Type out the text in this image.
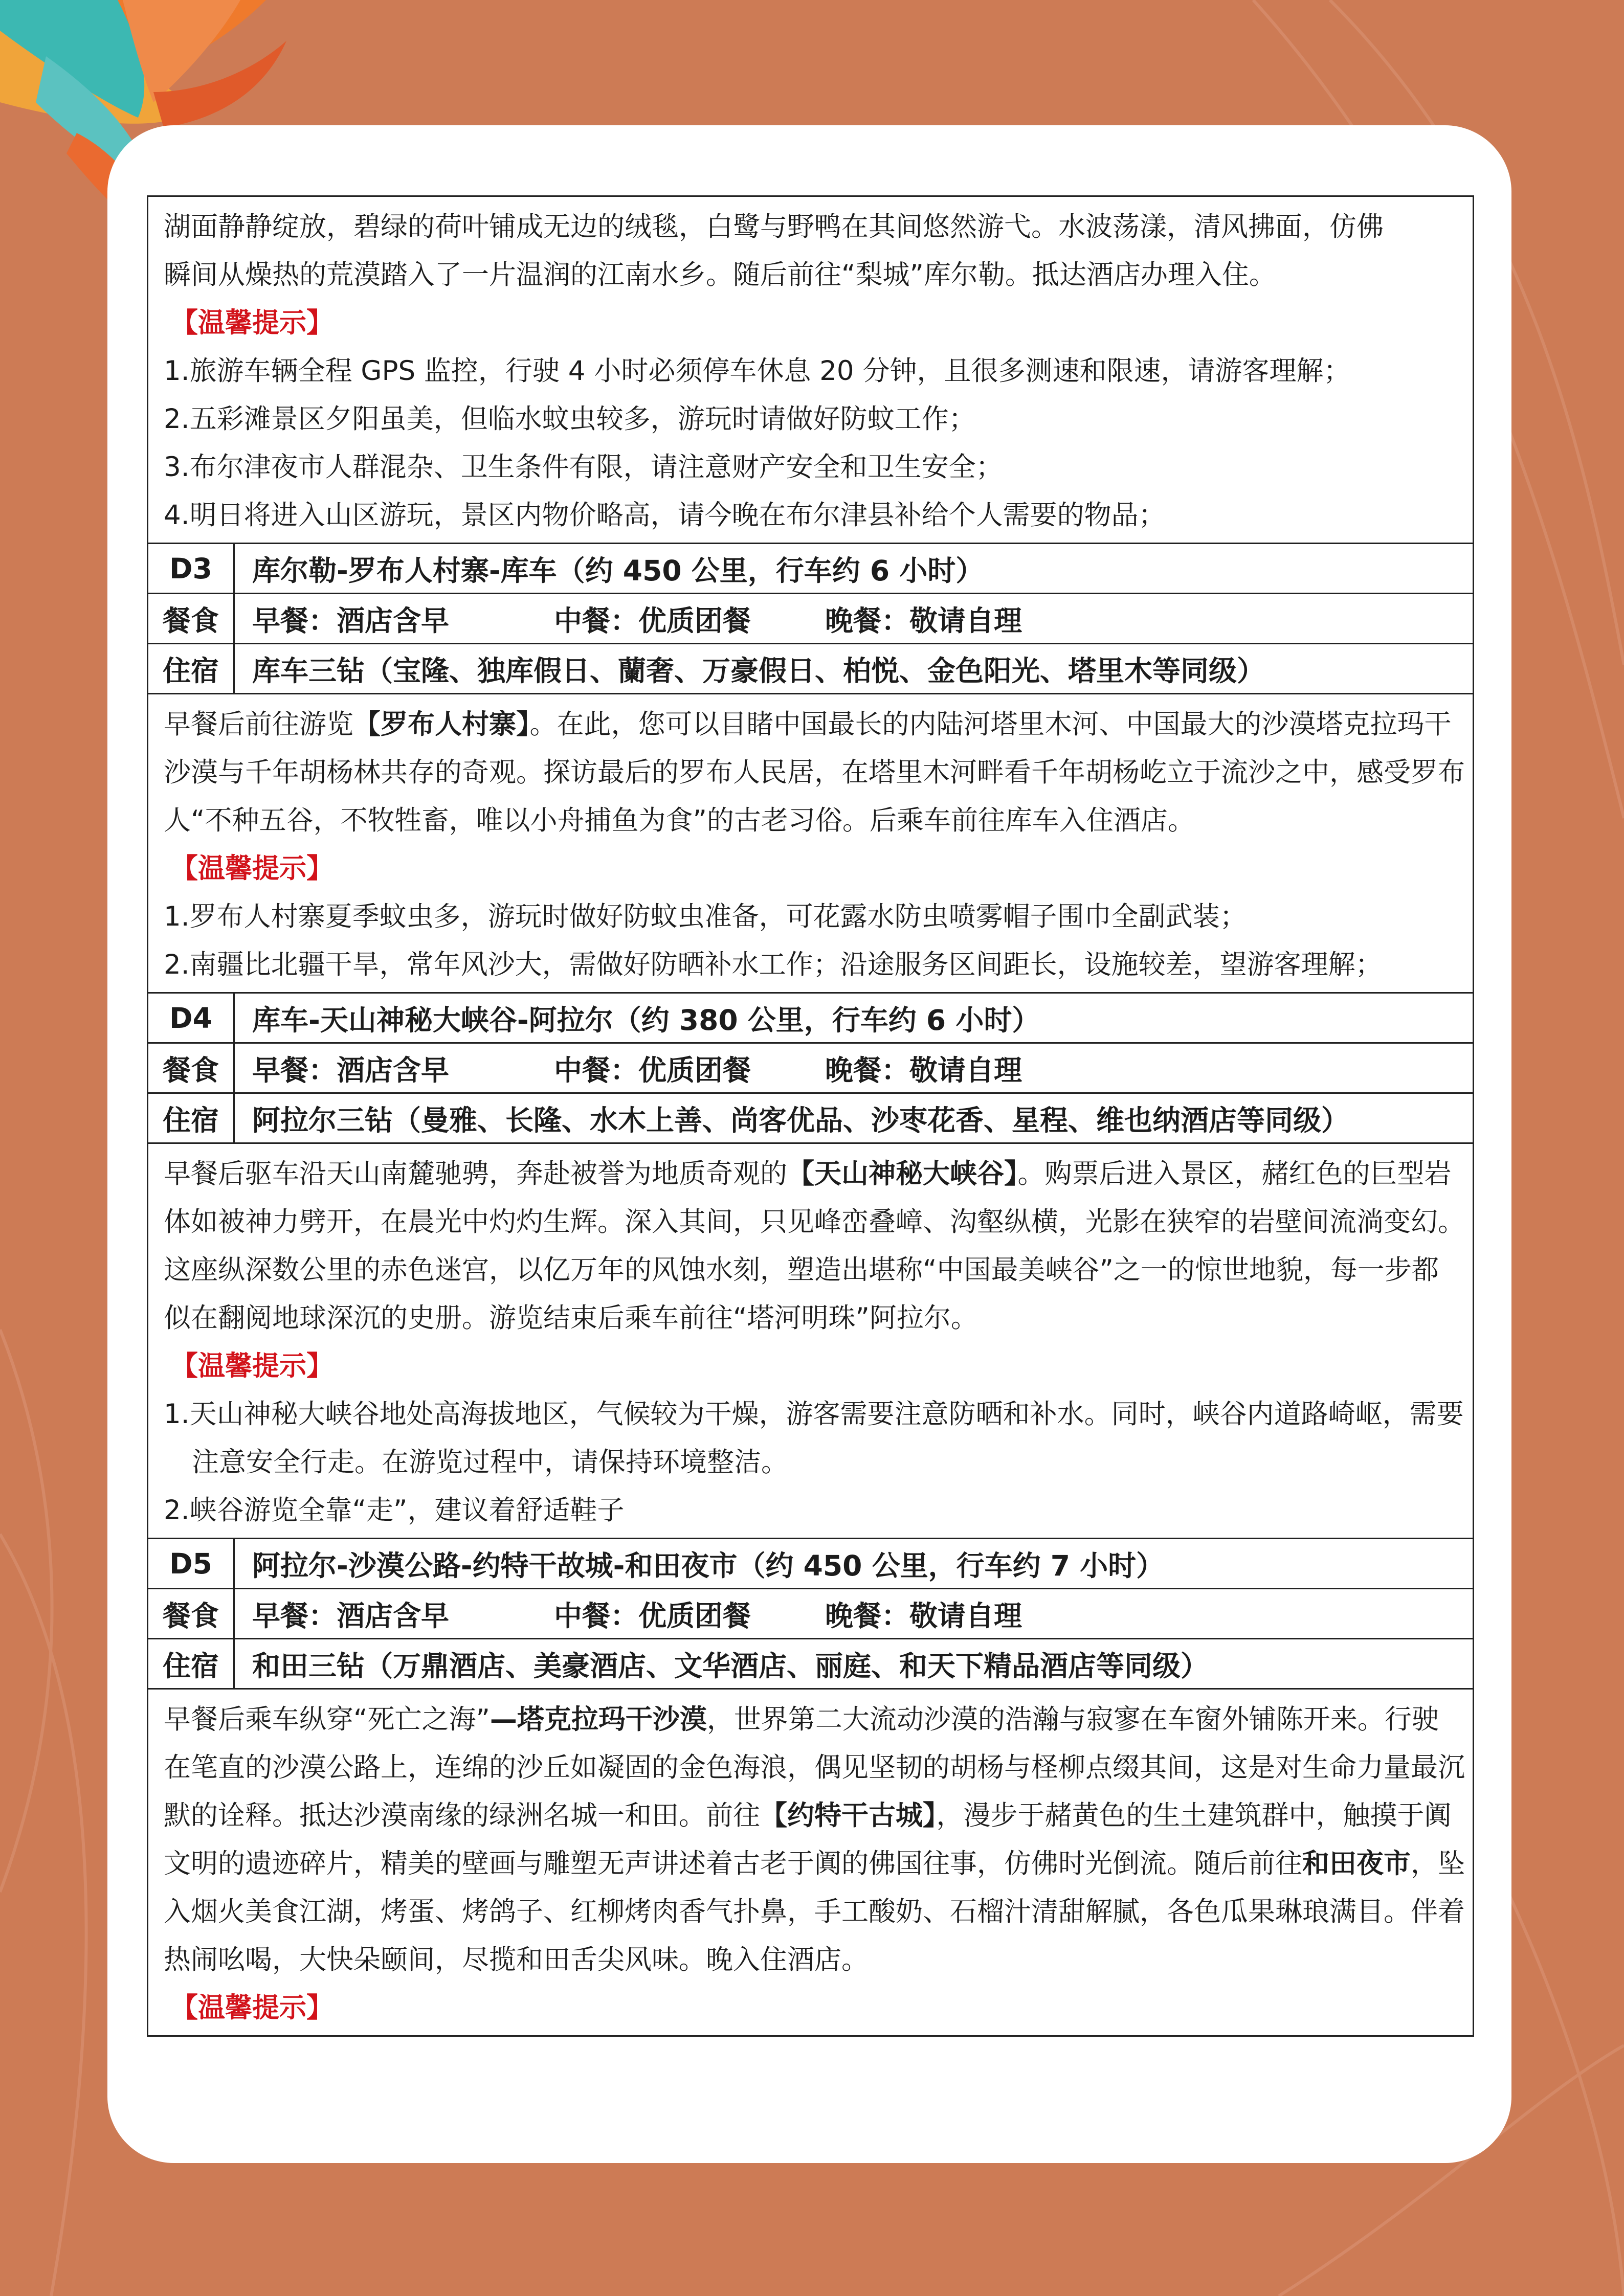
湖面静静绽放，碧绿的荷叶铺成无边的绒毯，白鹭与野鸭在其间悠然游弋。水波荡漾，清风拂面，仿佛

瞬间从燥热的荒漠踏入了一片温润的江南水乡。随后前往“梨城”库尔勒。抵达酒店办理入住。

【温馨提示】

1.旅游车辆全程 GPS 监控，行驶 4 小时必须停车休息 20 分钟，且很多测速和限速，请游客理解；

2.五彩滩景区夕阳虽美，但临水蚊虫较多，游玩时请做好防蚊工作；

3.布尔津夜市人群混杂、卫生条件有限，请注意财产安全和卫生安全；

4.明日将进入山区游玩，景区内物价略高，请今晚在布尔津县补给个人需要的物品；

D3	库尔勒-罗布人村寨-库车（约 450 公里，行车约 6 小时）
餐食	早餐：酒店含早	中餐：优质团餐	晚餐：敬请自理
住宿	库车三钻（宝隆、独库假日、蘭奢、万豪假日、柏悦、金色阳光、塔里木等同级）

早餐后前往游览【罗布人村寨】。在此，您可以目睹中国最长的内陆河塔里木河、中国最大的沙漠塔克拉玛干沙漠与千年胡杨林共存的奇观。探访最后的罗布人民居，在塔里木河畔看千年胡杨屹立于流沙之中，感受罗布人“不种五谷，不牧牲畜，唯以小舟捕鱼为食”的古老习俗。后乘车前往库车入住酒店。

【温馨提示】

1.罗布人村寨夏季蚊虫多，游玩时做好防蚊虫准备，可花露水防虫喷雾帽子围巾全副武装；

2.南疆比北疆干旱，常年风沙大，需做好防晒补水工作；沿途服务区间距长，设施较差，望游客理解；

D4	库车-天山神秘大峡谷-阿拉尔（约 380 公里，行车约 6 小时）
餐食	早餐：酒店含早	中餐：优质团餐	晚餐：敬请自理
住宿	阿拉尔三钻（曼雅、长隆、水木上善、尚客优品、沙枣花香、星程、维也纳酒店等同级）

早餐后驱车沿天山南麓驰骋，奔赴被誉为地质奇观的【天山神秘大峡谷】。购票后进入景区，赭红色的巨型岩体如被神力劈开，在晨光中灼灼生辉。深入其间，只见峰峦叠嶂、沟壑纵横，光影在狭窄的岩壁间流淌变幻。这座纵深数公里的赤色迷宫，以亿万年的风蚀水刻，塑造出堪称“中国最美峡谷”之一的惊世地貌，每一步都似在翻阅地球深沉的史册。游览结束后乘车前往“塔河明珠”阿拉尔。

【温馨提示】

1.天山神秘大峡谷地处高海拔地区，气候较为干燥，游客需要注意防晒和补水。同时，峡谷内道路崎岖，需要注意安全行走。在游览过程中，请保持环境整洁。

2.峡谷游览全靠“走”，建议着舒适鞋子

D5	阿拉尔-沙漠公路-约特干故城-和田夜市（约 450 公里，行车约 7 小时）
餐食	早餐：酒店含早	中餐：优质团餐	晚餐：敬请自理
住宿	和田三钻（万鼎酒店、美豪酒店、文华酒店、丽庭、和天下精品酒店等同级）

早餐后乘车纵穿“死亡之海”—塔克拉玛干沙漠，世界第二大流动沙漠的浩瀚与寂寥在车窗外铺陈开来。行驶在笔直的沙漠公路上，连绵的沙丘如凝固的金色海浪，偶见坚韧的胡杨与柽柳点缀其间，这是对生命力量最沉默的诠释。抵达沙漠南缘的绿洲名城一和田。前往【约特干古城】，漫步于赭黄色的生土建筑群中，触摸于阗文明的遗迹碎片，精美的壁画与雕塑无声讲述着古老于阗的佛国往事，仿佛时光倒流。随后前往和田夜市，坠入烟火美食江湖，烤蛋、烤鸽子、红柳烤肉香气扑鼻，手工酸奶、石榴汁清甜解腻，各色瓜果琳琅满目。伴着热闹吆喝，大快朵颐间，尽揽和田舌尖风味。晚入住酒店。

【温馨提示】
